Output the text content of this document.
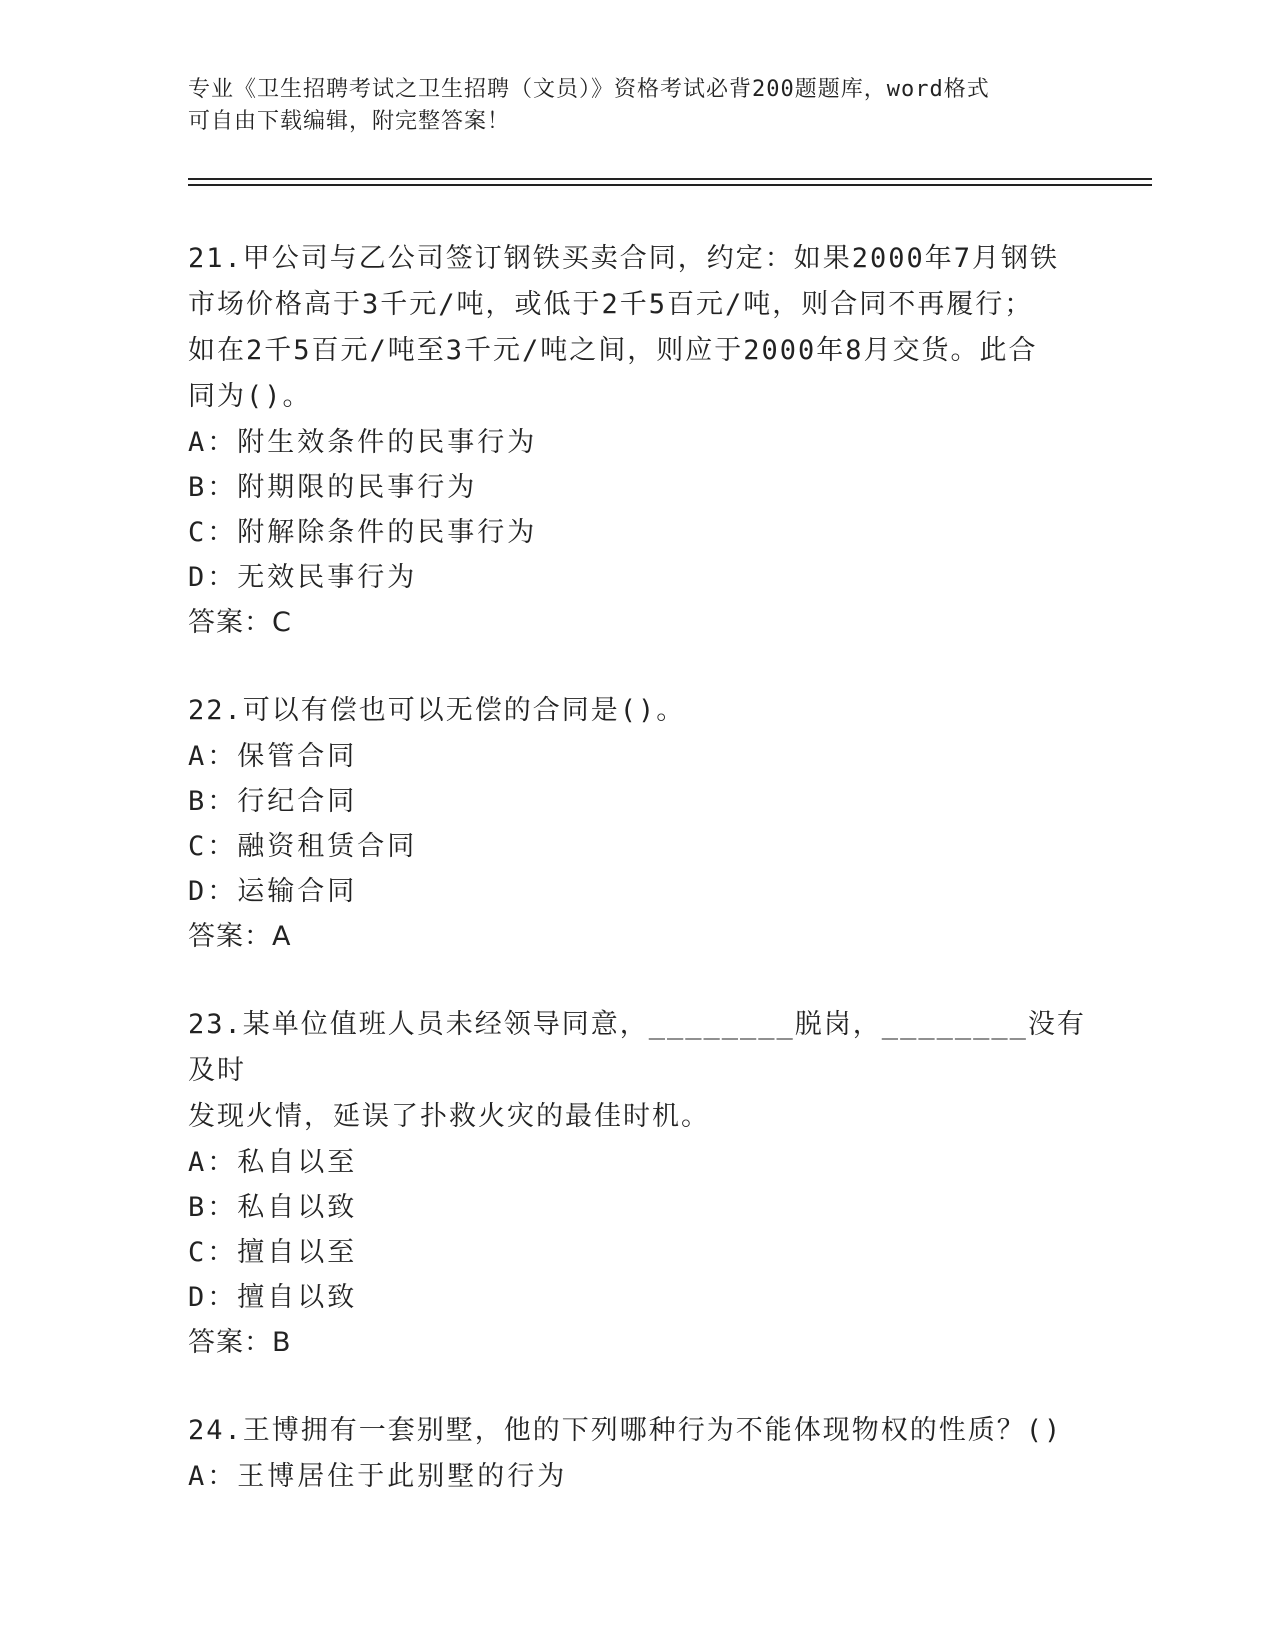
专业《卫生招聘考试之卫生招聘（文员）》资格考试必背200题题库，word格式
可自由下载编辑，附完整答案！
21.甲公司与乙公司签订钢铁买卖合同，约定：如果2000年7月钢铁
市场价格高于3千元/吨，或低于2千5百元/吨，则合同不再履行；
如在2千5百元/吨至3千元/吨之间，则应于2000年8月交货。此合
同为()。
A：附生效条件的民事行为
B：附期限的民事行为
C：附解除条件的民事行为
D：无效民事行为
答案：C
22.可以有偿也可以无偿的合同是()。
A：保管合同
B：行纪合同
C：融资租赁合同
D：运输合同
答案：A
23.某单位值班人员未经领导同意，________脱岗，________没有及时
发现火情，延误了扑救火灾的最佳时机。
A：私自以至
B：私自以致
C：擅自以至
D：擅自以致
答案：B
24.王博拥有一套别墅，他的下列哪种行为不能体现物权的性质？()
A：王博居住于此别墅的行为
